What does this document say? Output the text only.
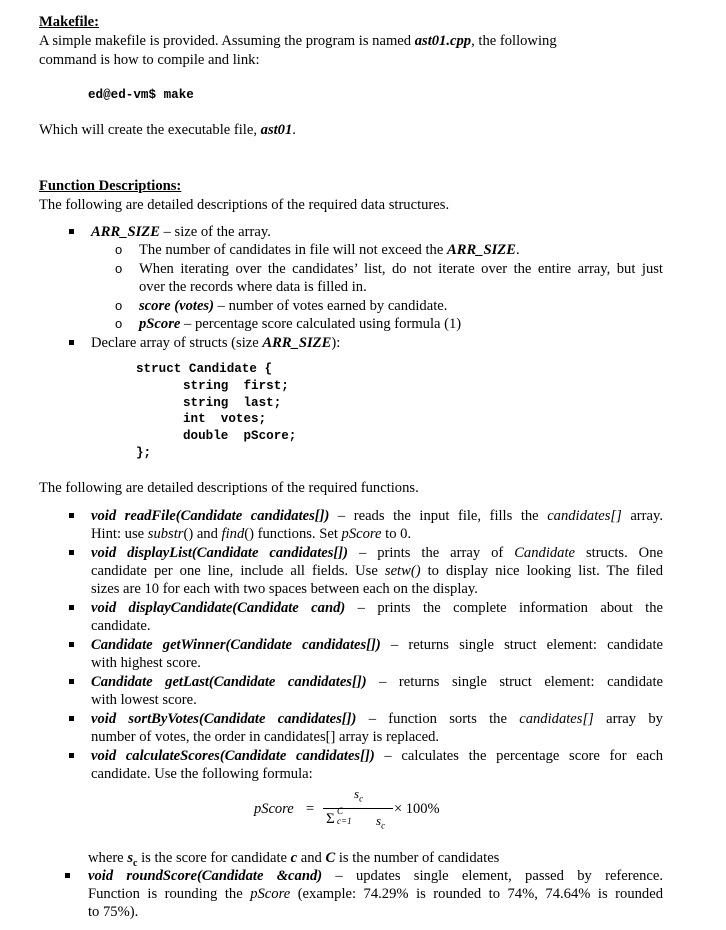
Makefile:
A simple makefile is provided. Assuming the program is named ast01.cpp, the following
command is how to compile and link:
ed@ed-vm$ make
Which will create the executable file, ast01.
Function Descriptions:
The following are detailed descriptions of the required data structures.
ARR_SIZE – size of the array.
o The number of candidates in file will not exceed the ARR_SIZE.
o When iterating over the candidates’ list, do not iterate over the entire array, but just
over the records where data is filled in.
o score (votes) – number of votes earned by candidate.
o pScore – percentage score calculated using formula (1)
Declare array of structs (size ARR_SIZE):
struct Candidate {
string  first;
string  last;
int  votes;
double  pScore;
};
The following are detailed descriptions of the required functions.
void readFile(Candidate candidates[]) – reads the input file, fills the candidates[] array.
Hint: use substr() and find() functions. Set pScore to 0.
void displayList(Candidate candidates[]) – prints the array of Candidate structs. One
candidate per one line, include all fields. Use setw() to display nice looking list. The filed
sizes are 10 for each with two spaces between each on the display.
void displayCandidate(Candidate cand) – prints the complete information about the
candidate.
Candidate getWinner(Candidate candidates[]) – returns single struct element: candidate
with highest score.
Candidate getLast(Candidate candidates[]) – returns single struct element: candidate
with lowest score.
void sortByVotes(Candidate candidates[]) – function sorts the candidates[] array by
number of votes, the order in candidates[] array is replaced.
void calculateScores(Candidate candidates[]) – calculates the percentage score for each
candidate. Use the following formula:
pScore =
$s_c$
Σ C
c=1 $s_c$
× 100%
where $s_c$ is the score for candidate c and C is the number of candidates
void roundScore(Candidate &cand) – updates single element, passed by reference.
Function is rounding the pScore (example: 74.29% is rounded to 74%, 74.64% is rounded
to 75%).
